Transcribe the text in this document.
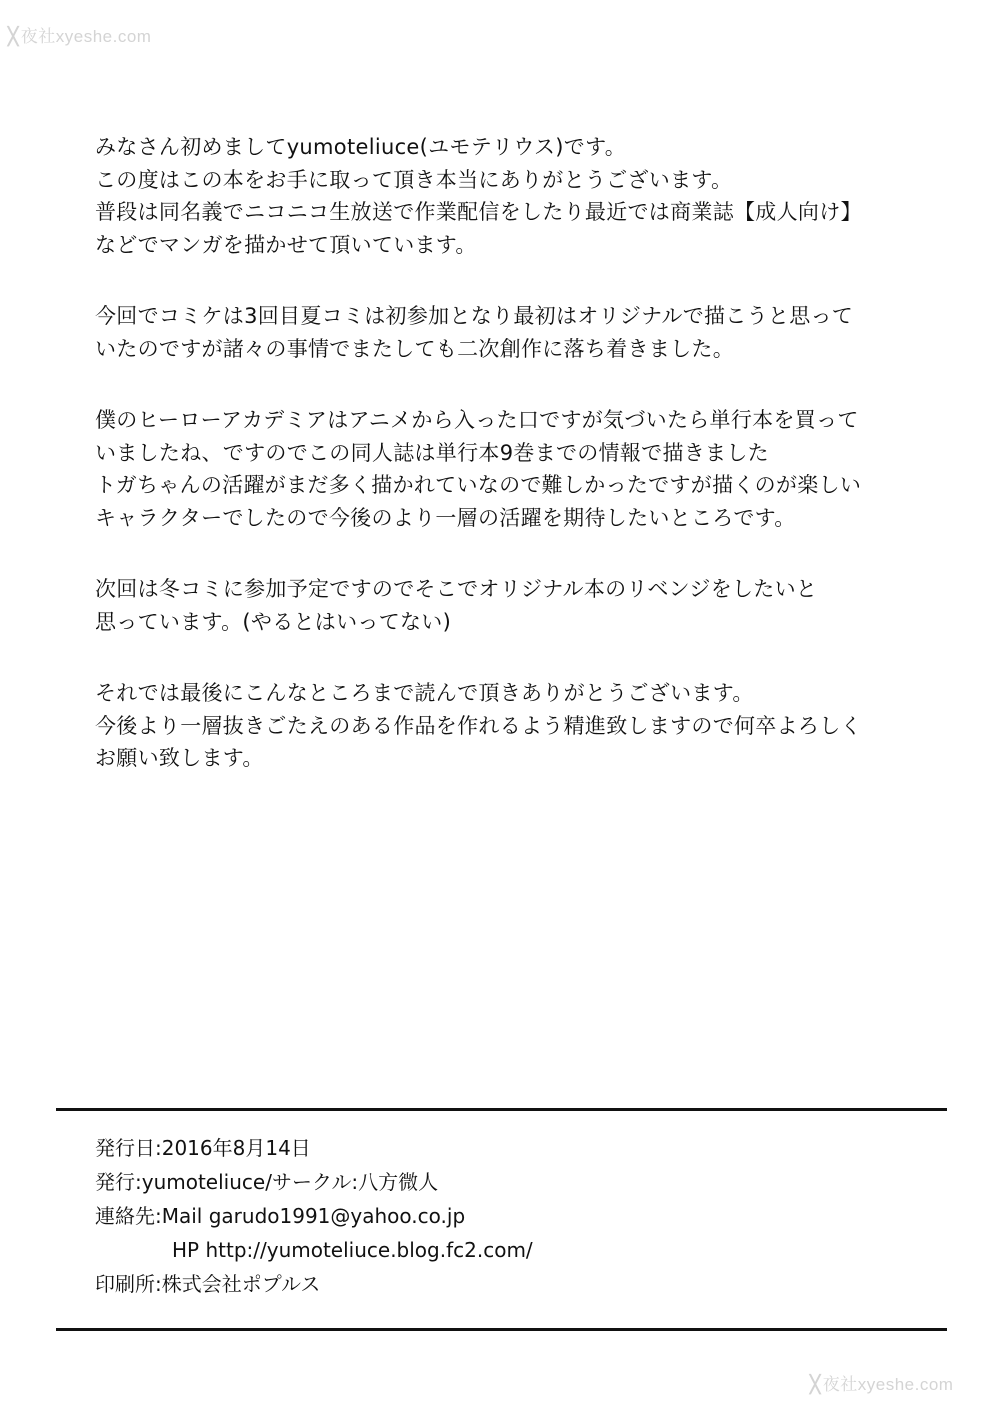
╳ 夜社xyeshe.com
みなさん初めましてyumoteliuce(ユモテリウス)です。
この度はこの本をお手に取って頂き本当にありがとうございます。
普段は同名義でニコニコ生放送で作業配信をしたり最近では商業誌【成人向け】
などでマンガを描かせて頂いています。
今回でコミケは3回目夏コミは初参加となり最初はオリジナルで描こうと思って
いたのですが諸々の事情でまたしても二次創作に落ち着きました。
僕のヒーローアカデミアはアニメから入った口ですが気づいたら単行本を買って
いましたね、ですのでこの同人誌は単行本9巻までの情報で描きました
トガちゃんの活躍がまだ多く描かれていなので難しかったですが描くのが楽しい
キャラクターでしたので今後のより一層の活躍を期待したいところです。
次回は冬コミに参加予定ですのでそこでオリジナル本のリベンジをしたいと
思っています。(やるとはいってない)
それでは最後にこんなところまで読んで頂きありがとうございます。
今後より一層抜きごたえのある作品を作れるよう精進致しますので何卒よろしく
お願い致します。
発行日:2016年8月14日
発行:yumoteliuce/サークル:八方微人
連絡先:Mail garudo1991@yahoo.co.jp
HP http://yumoteliuce.blog.fc2.com/
印刷所:株式会社ポプルス
╳ 夜社xyeshe.com
